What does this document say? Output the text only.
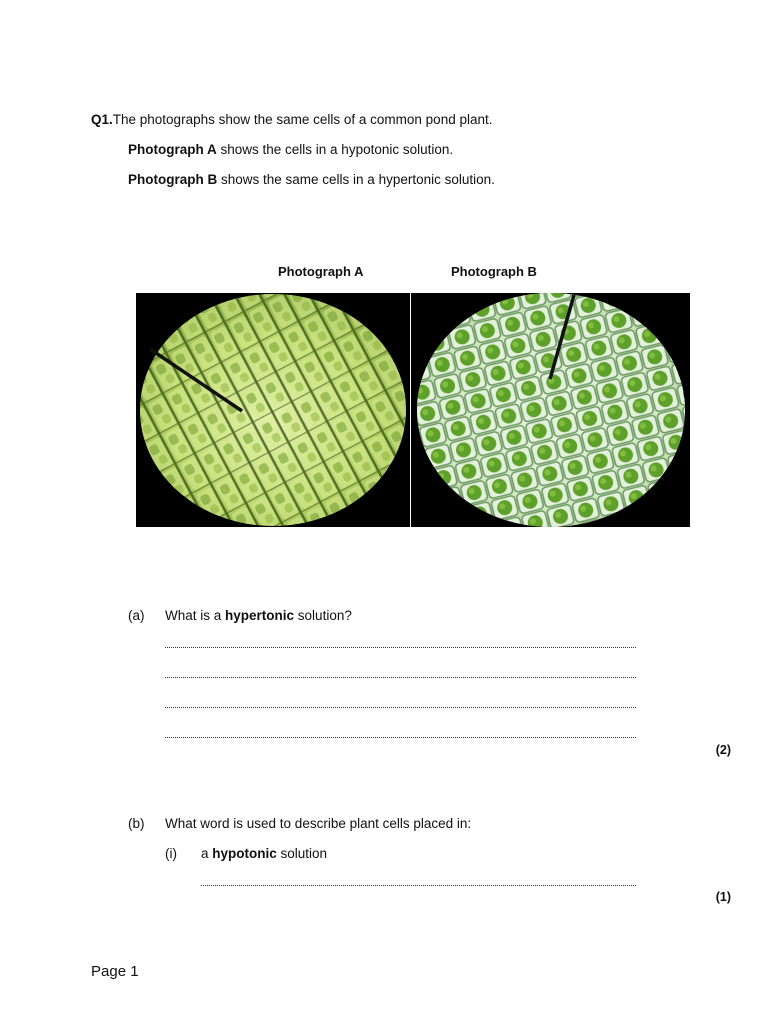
Q1.The photographs show the same cells of a common pond plant.
Photograph A shows the cells in a hypotonic solution.
Photograph B shows the same cells in a hypertonic solution.
Photograph A	Photograph B
(a) What is a hypertonic solution?
(2)
(b) What word is used to describe plant cells placed in:
(i) a hypotonic solution
(1)
Page 1
